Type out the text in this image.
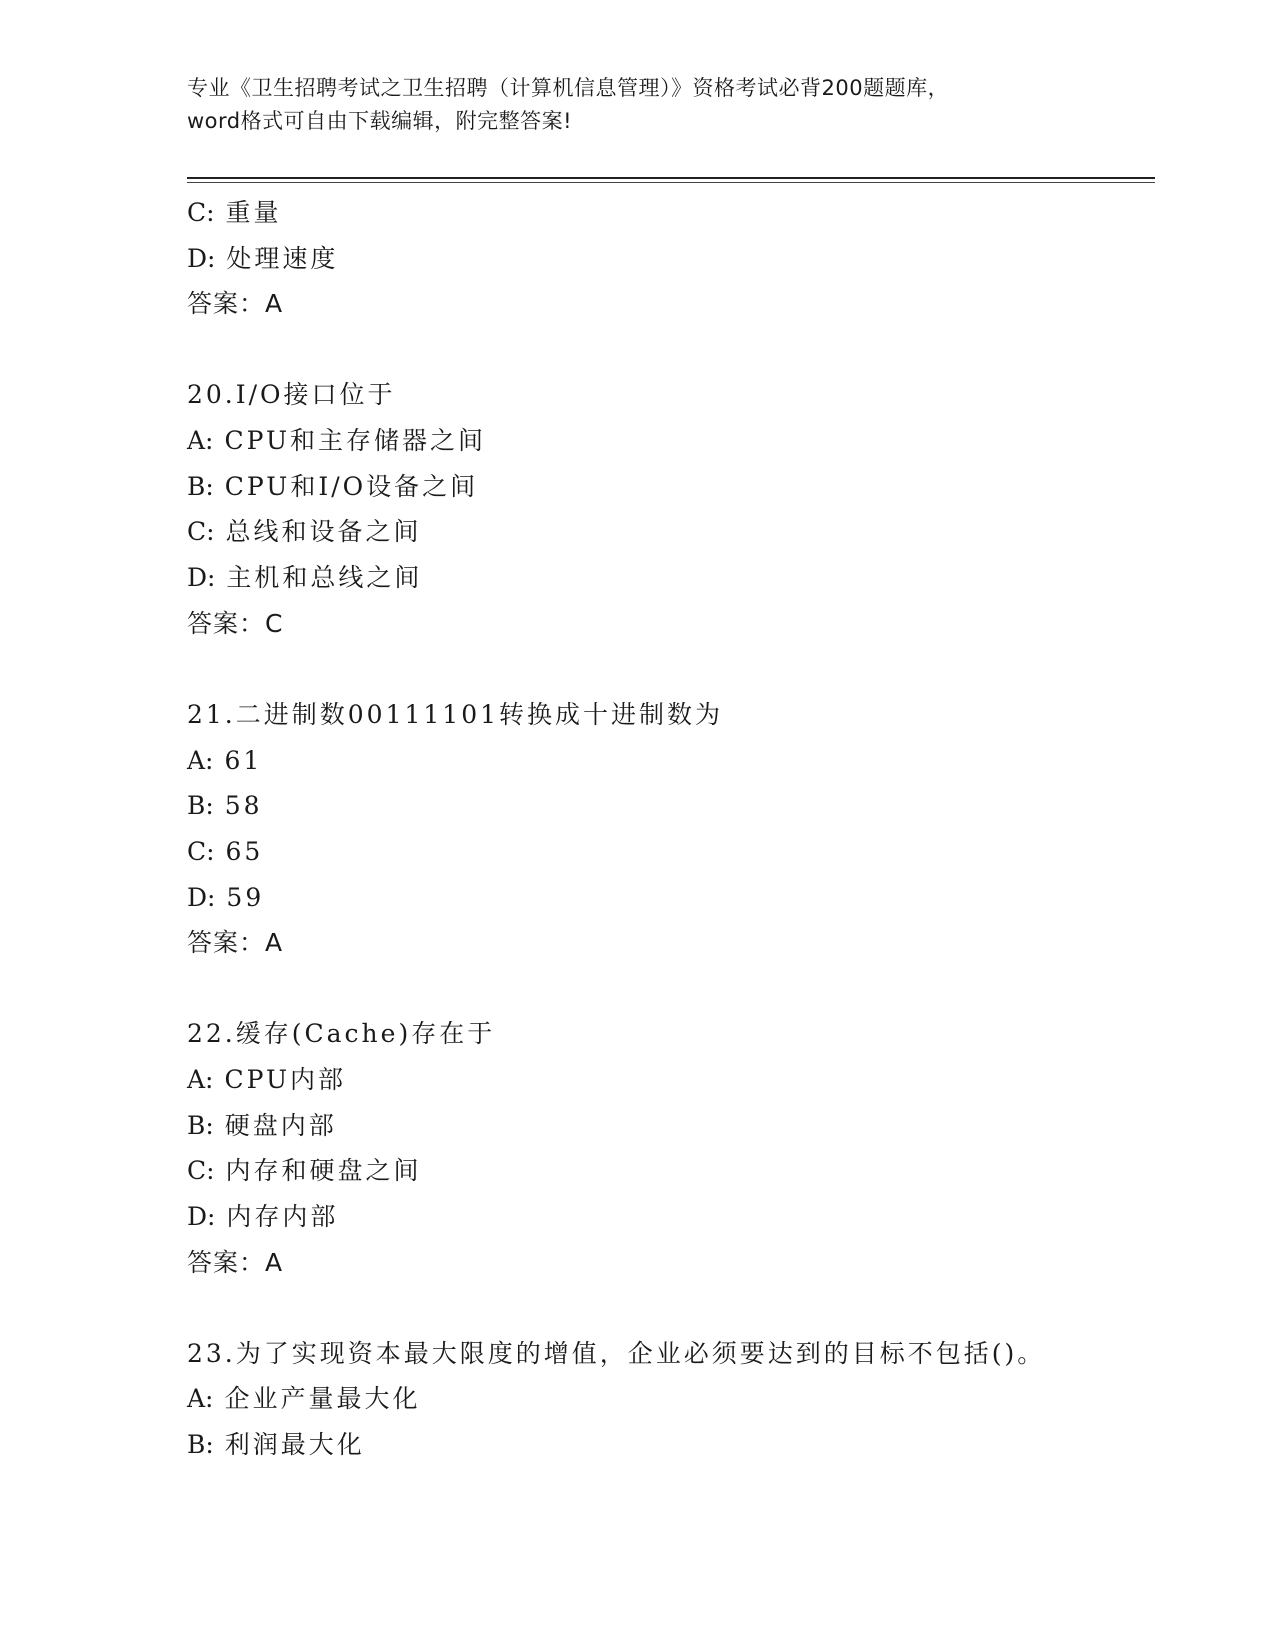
专业《卫生招聘考试之卫生招聘（计算机信息管理）》资格考试必背200题题库，
word格式可自由下载编辑，附完整答案!
C: 重量
D: 处理速度
答案：A
20.I/O接口位于
A: CPU和主存储器之间
B: CPU和I/O设备之间
C: 总线和设备之间
D: 主机和总线之间
答案：C
21.二进制数00111101转换成十进制数为
A: 61
B: 58
C: 65
D: 59
答案：A
22.缓存(Cache)存在于
A: CPU内部
B: 硬盘内部
C: 内存和硬盘之间
D: 内存内部
答案：A
23.为了实现资本最大限度的增值，企业必须要达到的目标不包括()。
A: 企业产量最大化
B: 利润最大化
